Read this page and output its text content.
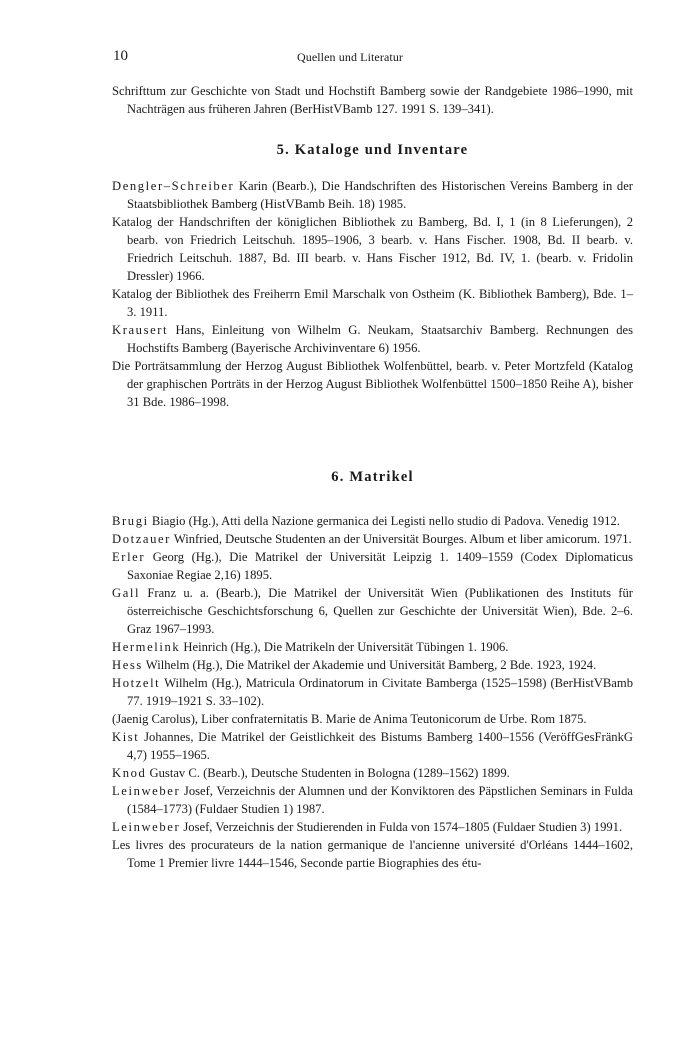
10	Quellen und Literatur

Schrifttum zur Geschichte von Stadt und Hochstift Bamberg sowie der Randgebiete 1986–1990, mit Nachträgen aus früheren Jahren (BerHistVBamb 127. 1991 S. 139–341).

5. Kataloge und Inventare

Dengler–Schreiber Karin (Bearb.), Die Handschriften des Historischen Vereins Bamberg in der Staatsbibliothek Bamberg (HistVBamb Beih. 18) 1985.

Katalog der Handschriften der königlichen Bibliothek zu Bamberg, Bd. I, 1 (in 8 Lieferungen), 2 bearb. von Friedrich Leitschuh. 1895–1906, 3 bearb. v. Hans Fischer. 1908, Bd. II bearb. v. Friedrich Leitschuh. 1887, Bd. III bearb. v. Hans Fischer 1912, Bd. IV, 1. (bearb. v. Fridolin Dressler) 1966.

Katalog der Bibliothek des Freiherrn Emil Marschalk von Ostheim (K. Bibliothek Bamberg), Bde. 1–3. 1911.

Krausert Hans, Einleitung von Wilhelm G. Neukam, Staatsarchiv Bamberg. Rechnungen des Hochstifts Bamberg (Bayerische Archivinventare 6) 1956.

Die Porträtsammlung der Herzog August Bibliothek Wolfenbüttel, bearb. v. Peter Mortzfeld (Katalog der graphischen Porträts in der Herzog August Bibliothek Wolfenbüttel 1500–1850 Reihe A), bisher 31 Bde. 1986–1998.

6. Matrikel

Brugi Biagio (Hg.), Atti della Nazione germanica dei Legisti nello studio di Padova. Venedig 1912.

Dotzauer Winfried, Deutsche Studenten an der Universität Bourges. Album et liber amicorum. 1971.

Erler Georg (Hg.), Die Matrikel der Universität Leipzig 1. 1409–1559 (Codex Diplomaticus Saxoniae Regiae 2,16) 1895.

Gall Franz u. a. (Bearb.), Die Matrikel der Universität Wien (Publikationen des Instituts für österreichische Geschichtsforschung 6, Quellen zur Geschichte der Universität Wien), Bde. 2–6. Graz 1967–1993.

Hermelink Heinrich (Hg.), Die Matrikeln der Universität Tübingen 1. 1906.

Hess Wilhelm (Hg.), Die Matrikel der Akademie und Universität Bamberg, 2 Bde. 1923, 1924.

Hotzelt Wilhelm (Hg.), Matricula Ordinatorum in Civitate Bamberga (1525–1598) (BerHistVBamb 77. 1919–1921 S. 33–102).

(Jaenig Carolus), Liber confraternitatis B. Marie de Anima Teutonicorum de Urbe. Rom 1875.

Kist Johannes, Die Matrikel der Geistlichkeit des Bistums Bamberg 1400–1556 (VeröffGesFränkG 4,7) 1955–1965.

Knod Gustav C. (Bearb.), Deutsche Studenten in Bologna (1289–1562) 1899.

Leinweber Josef, Verzeichnis der Alumnen und der Konviktoren des Päpstlichen Seminars in Fulda (1584–1773) (Fuldaer Studien 1) 1987.

Leinweber Josef, Verzeichnis der Studierenden in Fulda von 1574–1805 (Fuldaer Studien 3) 1991.

Les livres des procurateurs de la nation germanique de l'ancienne université d'Orléans 1444–1602, Tome 1 Premier livre 1444–1546, Seconde partie Biographies des étu-
